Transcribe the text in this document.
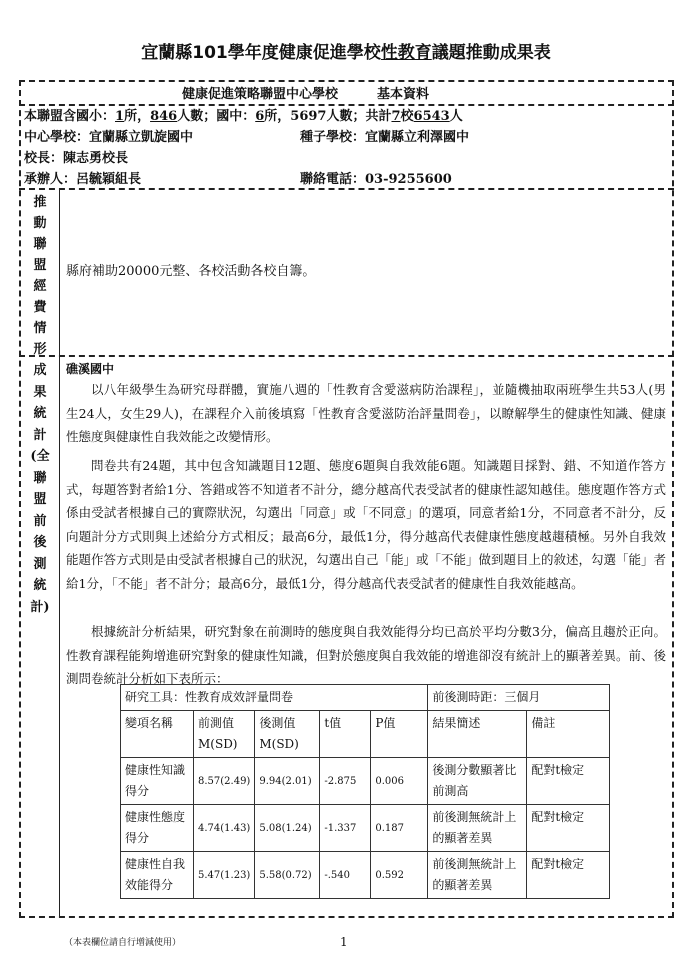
宜蘭縣101學年度健康促進學校性教育議題推動成果表
健康促進策略聯盟中心學校　　　	基本資料
本聯盟含國小：1所，846人數；國中：6所，5697人數；共計7校6543人
中心學校：宜蘭縣立凱旋國中	種子學校：宜蘭縣立利澤國中
校長：陳志勇校長
承辦人：呂毓穎組長	聯絡電話：03-9255600
推
動
聯
盟
經
費
情
形
縣府補助20000元整、各校活動各校自籌。
成
果
統
計
(全
聯
盟
前
後
測
統
計)
礁溪國中
以八年級學生為研究母群體，實施八週的「性教育含愛滋病防治課程」，並隨機抽取兩班學生共53人(男生24人，女生29人)，在課程介入前後填寫「性教育含愛滋防治評量問卷」，以瞭解學生的健康性知識、健康性態度與健康性自我效能之改變情形。
問卷共有24題，其中包含知識題目12題、態度6題與自我效能6題。知識題目採對、錯、不知道作答方式，每題答對者給1分、答錯或答不知道者不計分，總分越高代表受試者的健康性認知越佳。態度題作答方式係由受試者根據自己的實際狀況，勾選出「同意」或「不同意」的選項，同意者給1分，不同意者不計分，反向題計分方式則與上述給分方式相反；最高6分，最低1分，得分越高代表健康性態度越趨積極。另外自我效能題作答方式則是由受試者根據自己的狀況，勾選出自己「能」或「不能」做到題目上的敘述，勾選「能」者給1分，「不能」者不計分；最高6分，最低1分，得分越高代表受試者的健康性自我效能越高。
根據統計分析結果，研究對象在前測時的態度與自我效能得分均已高於平均分數3分，偏高且趨於正向。性教育課程能夠增進研究對象的健康性知識，但對於態度與自我效能的增進卻沒有統計上的顯著差異。前、後測問卷統計分析如下表所示：
研究工具：性教育成效評量問卷					前後測時距：三個月	
變項名稱	前測值M(SD)	後測值M(SD)	t值	P值	結果簡述	備註
健康性知識得分	8.57(2.49)	9.94(2.01)	-2.875	0.006	後測分數顯著比前測高	配對t檢定
健康性態度得分	4.74(1.43)	5.08(1.24)	-1.337	0.187	前後測無統計上的顯著差異	配對t檢定
健康性自我效能得分	5.47(1.23)	5.58(0.72)	-.540	0.592	前後測無統計上的顯著差異	配對t檢定
（本表欄位請自行增減使用）	1
